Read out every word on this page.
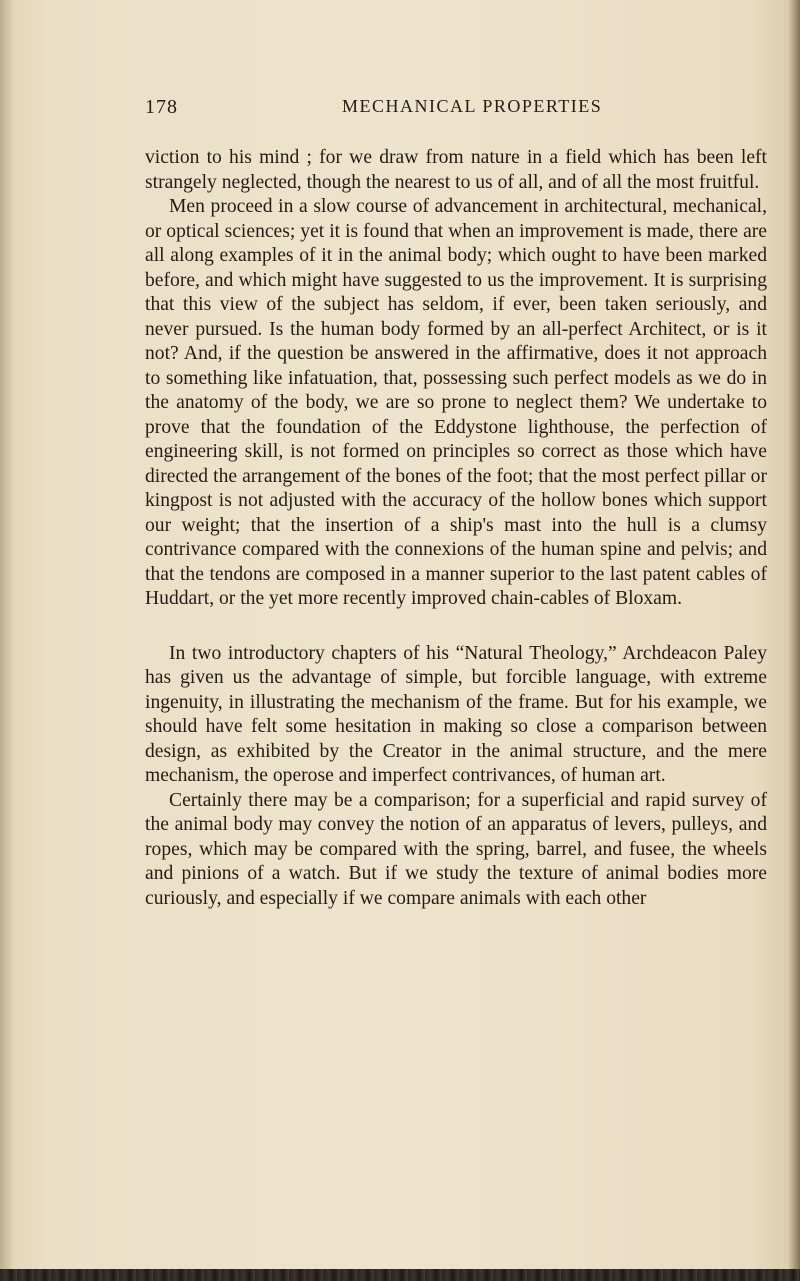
178	MECHANICAL PROPERTIES

viction to his mind ; for we draw from nature in a field which has been left strangely neglected, though the nearest to us of all, and of all the most fruitful.

Men proceed in a slow course of advancement in architectural, mechanical, or optical sciences; yet it is found that when an improvement is made, there are all along examples of it in the animal body; which ought to have been marked before, and which might have suggested to us the improvement. It is surprising that this view of the subject has seldom, if ever, been taken seriously, and never pursued. Is the human body formed by an all-perfect Architect, or is it not? And, if the question be answered in the affirmative, does it not approach to something like infatuation, that, possessing such perfect models as we do in the anatomy of the body, we are so prone to neglect them? We undertake to prove that the foundation of the Eddystone lighthouse, the perfection of engineering skill, is not formed on principles so correct as those which have directed the arrangement of the bones of the foot; that the most perfect pillar or kingpost is not adjusted with the accuracy of the hollow bones which support our weight; that the insertion of a ship's mast into the hull is a clumsy contrivance compared with the connexions of the human spine and pelvis; and that the tendons are composed in a manner superior to the last patent cables of Huddart, or the yet more recently improved chain-cables of Bloxam.

In two introductory chapters of his “Natural Theology,” Archdeacon Paley has given us the advantage of simple, but forcible language, with extreme ingenuity, in illustrating the mechanism of the frame. But for his example, we should have felt some hesitation in making so close a comparison between design, as exhibited by the Creator in the animal structure, and the mere mechanism, the operose and imperfect contrivances, of human art.

Certainly there may be a comparison; for a superficial and rapid survey of the animal body may convey the notion of an apparatus of levers, pulleys, and ropes, which may be compared with the spring, barrel, and fusee, the wheels and pinions of a watch. But if we study the texture of animal bodies more curiously, and especially if we compare animals with each other
